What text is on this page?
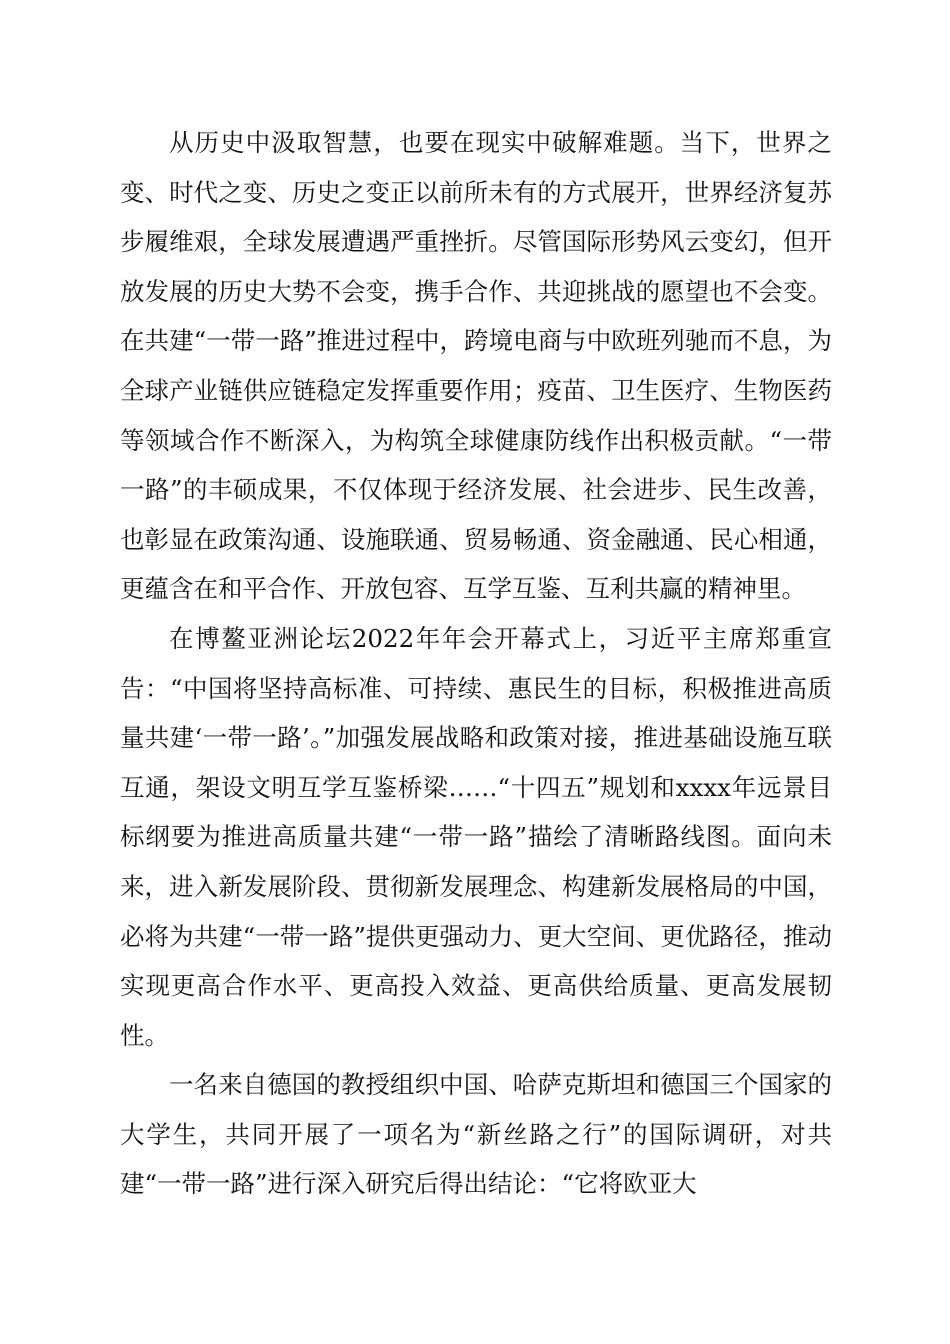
从历史中汲取智慧，也要在现实中破解难题。当下，世界之变、时代之变、历史之变正以前所未有的方式展开，世界经济复苏步履维艰，全球发展遭遇严重挫折。尽管国际形势风云变幻，但开放发展的历史大势不会变，携手合作、共迎挑战的愿望也不会变。在共建“一带一路”推进过程中，跨境电商与中欧班列驰而不息，为全球产业链供应链稳定发挥重要作用；疫苗、卫生医疗、生物医药等领域合作不断深入，为构筑全球健康防线作出积极贡献。“一带一路”的丰硕成果，不仅体现于经济发展、社会进步、民生改善，也彰显在政策沟通、设施联通、贸易畅通、资金融通、民心相通，更蕴含在和平合作、开放包容、互学互鉴、互利共赢的精神里。

在博鳌亚洲论坛2022年年会开幕式上，习近平主席郑重宣告：“中国将坚持高标准、可持续、惠民生的目标，积极推进高质量共建‘一带一路’。”加强发展战略和政策对接，推进基础设施互联互通，架设文明互学互鉴桥梁……“十四五”规划和xxxx年远景目标纲要为推进高质量共建“一带一路”描绘了清晰路线图。面向未来，进入新发展阶段、贯彻新发展理念、构建新发展格局的中国，必将为共建“一带一路”提供更强动力、更大空间、更优路径，推动实现更高合作水平、更高投入效益、更高供给质量、更高发展韧性。

一名来自德国的教授组织中国、哈萨克斯坦和德国三个国家的大学生，共同开展了一项名为“新丝路之行”的国际调研，对共建“一带一路”进行深入研究后得出结论：“它将欧亚大
